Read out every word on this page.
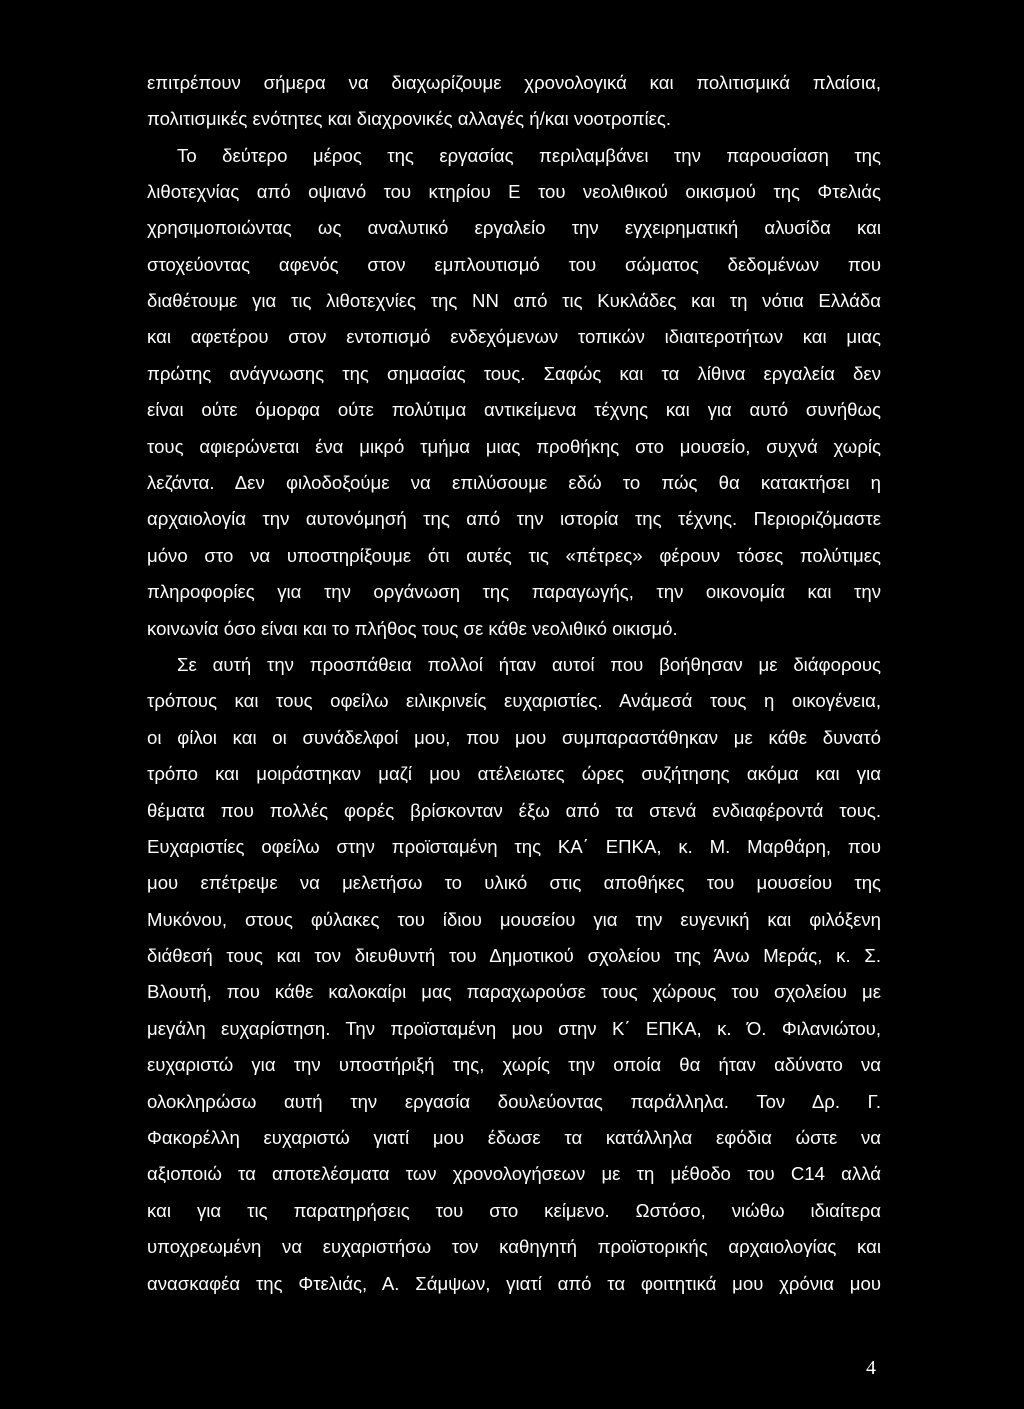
επιτρέπουν σήμερα να διαχωρίζουμε χρονολογικά και πολιτισμικά πλαίσια,
πολιτισμικές ενότητες και διαχρονικές αλλαγές ή/και νοοτροπίες.
Το δεύτερο μέρος της εργασίας περιλαμβάνει την παρουσίαση της
λιθοτεχνίας από οψιανό του κτηρίου Ε του νεολιθικού οικισμού της Φτελιάς
χρησιμοποιώντας ως αναλυτικό εργαλείο την εγχειρηματική αλυσίδα και
στοχεύοντας αφενός στον εμπλουτισμό του σώματος δεδομένων που
διαθέτουμε για τις λιθοτεχνίες της ΝΝ από τις Κυκλάδες και τη νότια Ελλάδα
και αφετέρου στον εντοπισμό ενδεχόμενων τοπικών ιδιαιτεροτήτων και μιας
πρώτης ανάγνωσης της σημασίας τους. Σαφώς και τα λίθινα εργαλεία δεν
είναι ούτε όμορφα ούτε πολύτιμα αντικείμενα τέχνης και για αυτό συνήθως
τους αφιερώνεται ένα μικρό τμήμα μιας προθήκης στο μουσείο, συχνά χωρίς
λεζάντα. Δεν φιλοδοξούμε να επιλύσουμε εδώ το πώς θα κατακτήσει η
αρχαιολογία την αυτονόμησή της από την ιστορία της τέχνης. Περιοριζόμαστε
μόνο στο να υποστηρίξουμε ότι αυτές τις «πέτρες» φέρουν τόσες πολύτιμες
πληροφορίες για την οργάνωση της παραγωγής, την οικονομία και την
κοινωνία όσο είναι και το πλήθος τους σε κάθε νεολιθικό οικισμό.
Σε αυτή την προσπάθεια πολλοί ήταν αυτοί που βοήθησαν με διάφορους
τρόπους και τους οφείλω ειλικρινείς ευχαριστίες. Ανάμεσά τους η οικογένεια,
οι φίλοι και οι συνάδελφοί μου, που μου συμπαραστάθηκαν με κάθε δυνατό
τρόπο και μοιράστηκαν μαζί μου ατέλειωτες ώρες συζήτησης ακόμα και για
θέματα που πολλές φορές βρίσκονταν έξω από τα στενά ενδιαφέροντά τους.
Ευχαριστίες οφείλω στην προϊσταμένη της ΚΑ΄ ΕΠΚΑ, κ. Μ. Μαρθάρη, που
μου επέτρεψε να μελετήσω το υλικό στις αποθήκες του μουσείου της
Μυκόνου, στους φύλακες του ίδιου μουσείου για την ευγενική και φιλόξενη
διάθεσή τους και τον διευθυντή του Δημοτικού σχολείου της Άνω Μεράς, κ. Σ.
Βλουτή, που κάθε καλοκαίρι μας παραχωρούσε τους χώρους του σχολείου με
μεγάλη ευχαρίστηση. Την προϊσταμένη μου στην Κ΄ ΕΠΚΑ, κ. Ό. Φιλανιώτου,
ευχαριστώ για την υποστήριξή της, χωρίς την οποία θα ήταν αδύνατο να
ολοκληρώσω αυτή την εργασία δουλεύοντας παράλληλα. Τον Δρ. Γ.
Φακορέλλη ευχαριστώ γιατί μου έδωσε τα κατάλληλα εφόδια ώστε να
αξιοποιώ τα αποτελέσματα των χρονολογήσεων με τη μέθοδο του C14 αλλά
και για τις παρατηρήσεις του στο κείμενο. Ωστόσο, νιώθω ιδιαίτερα
υποχρεωμένη να ευχαριστήσω τον καθηγητή προϊστορικής αρχαιολογίας και
ανασκαφέα της Φτελιάς, Α. Σάμψων, γιατί από τα φοιτητικά μου χρόνια μου
4
